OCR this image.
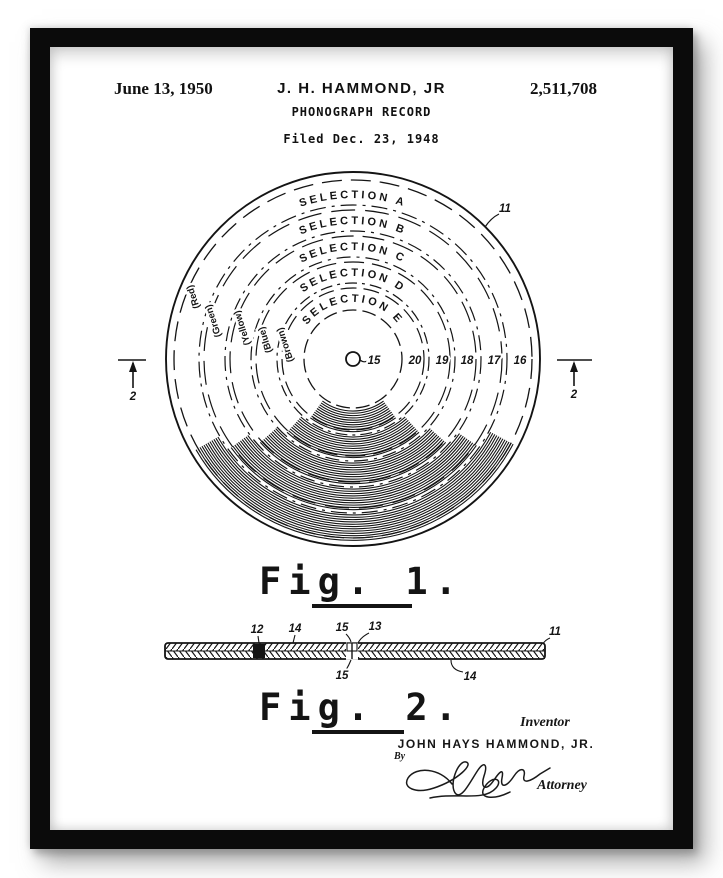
June 13, 1950	J. H. HAMMOND, JR	2,511,708
PHONOGRAPH RECORD
Filed Dec. 23, 1948
SELECTION A
SELECTION B
SELECTION C
SELECTION D
SELECTION E
(Red)
(Green) (Yellow) (Blue) (Brown)	15 20 19 18 17 16
11
2	2
Fig. 1.
12 14	15 13	11
15	14
Fig. 2.	Inventor
JOHN HAYS HAMMOND, JR.
By
Attorney
